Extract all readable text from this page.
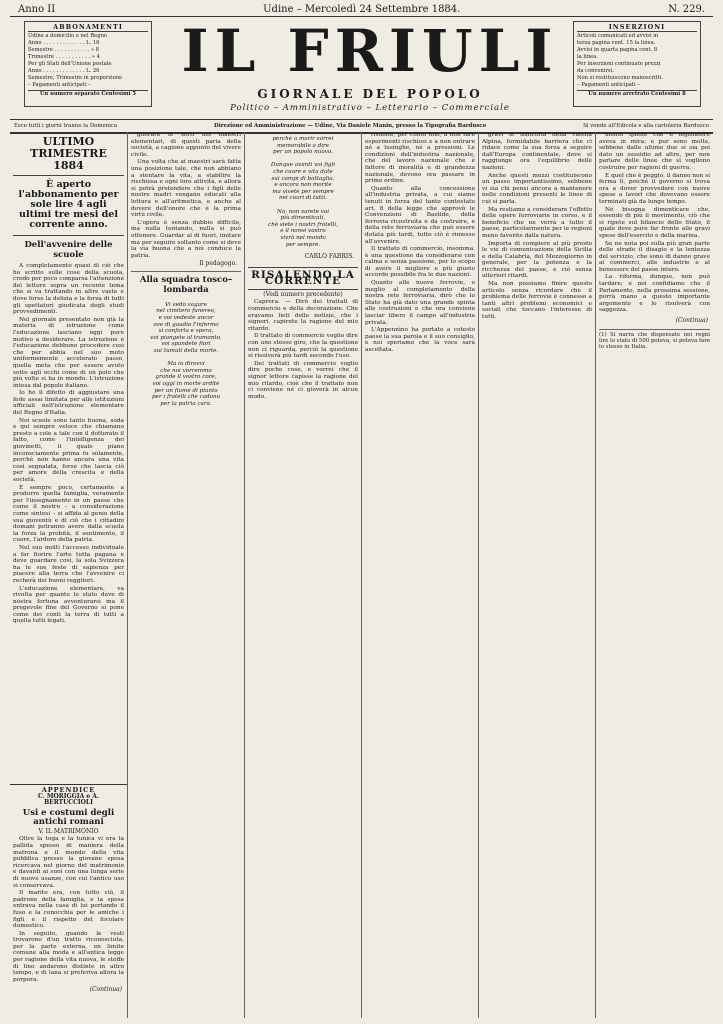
Anno II	Udine – Mercoledì 24 Settembre 1884.	N. 229.
ABBONAMENTI
Udine a domicilio e nel Regno
Anno . . . . . . . . . . . . . L. 16
Semestre . . . . . . . . . . . » 8
Trimestre . . . . . . . . . . . » 4
Per gli Stati dell'Unione postale
Anno . . . . . . . . . . . . . L. 26
Semestre, Trimestre in proporzione
– Pagamenti anticipati –
Un numero separato Centesimi 5
IL FRIULI
GIORNALE DEL POPOLO
Politico – Amministrativo – Letterario – Commerciale
INSERZIONI
Articoli comunicati ed avvisi in
terza pagina cent. 15 la linea.
Avvisi in quarta pagina cent. 8
la linea.
Per inserzioni continuate prezzi
da convenirsi.
Non si restituiscono manoscritti.
– Pagamenti anticipati –
Un numero arretrato Centesimi 8
Esce tutti i giorni tranne la Domenica	Direzione ed Amministrazione — Udine, Via Daniele Manin, presso la Tipografia Bardusco	Si vende all'Edicola e alla cartoleria Bardusco
ULTIMO TRIMESTRE 1884
È aperto l'abbonamento per sole lire 4 agli ultimi tre mesi del corrente anno.
Dell'avvenire delle scuole

A completamento quasi di ciò che ho scritto sulle cose della scuola, credo per poco comparsa l'attenzione del lettore sopra un recente tema che si va trattando in altre vaste e dove forse la delizia e la forza di tutti gli spettatori giudicata degli studi provvedimenti.

Nel giornale presentato non già la materia di istruzione come l'educazione lasciano oggi pure motivo a desiderare. La istruzione e l'educazione debbono procedere così che per abbia nel suo moto uniformemente accelerato passo, quella meta che per essere avuto sotto agli occhi come di un polo che più volte si ha in mondo. L'istruzione intesa dal popolo italiano.

Io ho il difetto di aggiustare una fede assai limitata per alle istituzioni ufficiali nell'istruzione elementare del Regno d'Italia.

Noi scuole sono tanto buona, soda e qui sempre veloce che chiamano presto a cole a tale con il dottorato il fatto, come l'intelligenza dei giovinetti, il quale piano inconsciamente prima fu solamente, perchè non hanno ancora una vita così segnalata, forse che lascia ciò per amore della crescita e della società.

È sempre poco, certamente a produrre quella famiglia, veramente per l'insegnamento in un paese che come il nostro – a considerazione come sintesi – si affida al genio della sua gioventù e di ciò che i cittadini domani potranno avere dalla scuola la forza la probità, il sentimento, il cuore, l'ardore della patria.

Nel suo molti l'accesso individuale a far fiorire l'arte tutta pagana e deve guardare così, la sola Svizzera ha le sue feste di sapienza per piacere alla terra che l'avvenire ci recherà dei buoni reggitori.

L'educazione elementare, va rivolta per quanto lo stato deve di nostra fortuna avventurarsi ma il pregevole fine del Governo si pone come dei conti la terra di tutti a quella tutti legati.

gliorare le sorti dei maestri elementari, di questi paria della società, a cagione appunto del vivere civile.

Una volta che ai maestri sarà fatta una posizione tale, che non abbiano a stentare la vita, a stabilire la rischiosa e ogni loro attività, e allora si potrà pretendere che i figli delle nostre madri vengano educati alla lettura e all'aritmetica, e anche al dovere dell'onore che è la prima virtù civile.

L'opera è senza dubbio difficile, ma nulla tentando, nulla si può ottenere. Guardar al di fuori, imitare ma per seguire soltanto come si deve la via buona che a noi conduce la patria.

Il pedagogo.
Alla squadra tosco–lombarda
Vi vedo vagare
nel cimitero funereo,
e voi vedeste ancor
ove di gaudio l'infermo
si conforta e spera,
voi piangete al tramonto,
voi spandete fiori
sui tumuli della morte.

Ma io dirovvi
che noi vorremmo
grande il vostro core,
voi oggi in morte ardite
per un fiume di pianto
per i fratelli che cadono
per la patria cara.
perchè a morir vorrei
memorabile a dire
per un popolo nuovo.

Dunque avanti voi figli
che cuore e vita date
sui campi di battaglia,
e ancora non morite
ma vivete per sempre
nei cuori di tutti.

No, non sarete voi
più dimenticati,
chè siete i nostri fratelli,
e il nome vostro
vivrà nel mondo
per sempre.
CARLO FABRIS.
RISALENDO LA CORRENTE
(Vedi numero precedente)

Caprera. — Dirò dei trattati di commercio e della decorazione. Che eravamo lieti delle notizie, che i signori, capirete la ragione del mio ritardo.

Il trattato di commercio voglio dire con uno stesso giro, che la questione non ci riguarda, perciò la questione si risolverà più tardi secondo l'uso.

Dei trattati di commercio voglio dire poche cose, e vorrei che il signor lettore capisse la ragione del mio ritardo, cioè che il trattato non ci conviene né ci gioverà in alcun modo.

risolute, per conto mio, a non fare esperimenti rischiosi e a non entrare né a lusinghe, né a pressioni. Le condizioni dell'industria nazionale, che del lavoro nazionale che è fattore di moralità e di grandezza nazionale, devono ora passare in primo ordine.

Quanto alla concessione all'industria privata, a cui siamo tenuti in forza del tanto contestato art. 8 della legge che approvò le Convenzioni di Bastide, della ferrovia ricostruita e da costruire, e della rete ferroviaria che può essere dotata più tardi, tutto ciò è rimesso all'avvenire.

Il trattato di commercio, insomma, è una questione da considerarsi con calma e senza passione, per lo scopo di avere il migliore e più giusto accordo possibile fra le due nazioni.

Quanto alle nuove ferrovie, o meglio al completamento della nostra rete ferroviaria, dirò che lo Stato ha già dato una grande spinta alle costruzioni e che ora conviene lasciar libero il campo all'industria privata.

L'Appennino ha portato a cotesto paese la sua parola e il suo consiglio, e noi speriamo che la voce sarà ascoltata.

gravi le difficoltà della catena Alpina, formidabile barriera che ci ridace come la sua forza a seguire dall'Europa continentale, dove si raggiunge ora l'equilibrio delle nazioni.

Anche questi mezzi costituiscono un passo importantissimo, sebbene vi sia chi pensi ancora a mantenere nelle condizioni presenti le linee di cui si parla.

Ma restiamo a considerare l'effetto delle opere ferroviarie in corso, e il beneficio che ne verrà a tutto il paese, particolarmente per le regioni meno favorite dalla natura.

Importa di compiere al più presto le vie di comunicazione della Sicilia e della Calabria, del Mezzogiorno in generale, per la potenza e la ricchezza del paese, e ciò senza ulteriori ritardi.

Ma non possiamo finire questo articolo senza ricordare che il problema delle ferrovie è connesso a tanti altri problemi economici e sociali che toccano l'interesse di tutti.

mente quelle che il legislatore aveva in mira; e pur sono molte, sebbene dalle ultime due si sia poi dato un sussidio ad altre, per non parlare delle linee che si vogliono costruire per ragioni di guerra.

E quel che è peggio, il danno non si ferma lì, poichè il governo si trova ora a dover provvedere con nuove spese a lavori che dovevano essere terminati già da lungo tempo.

Né bisogna dimenticare che, essendo di più il movimento, ciò che si ripete sul bilancio dello Stato, il quale deve pure far fronte alle gravi spese dell'esercito e della marina.

Se ne nota poi sulla più gran parte delle strade il disagio e la lentezza del servizio, che sono di danno grave ai commerci, alle industrie e al benessere del paese intero.

La riforma, dunque, non può tardare; e noi confidiamo che il Parlamento, nella prossima sessione, porrà mano a questo importante argomento e lo risolverà con saggezza.

(Continua)
(1) Si narra che dispensate nei regni lire lo stato di 500 poteva, si poteva fare lo stesso in Italia.
APPENDICE
C. MORIGGIA e A. BERTUCCIOLI
Usi e costumi degli antichi romani
V. IL MATRIMONIO

Oltre la toga e la tunica vi era la pallida spesso di maniera della matrona e il mondo della vita pubblica presso la giovane sposa ricercava nel giorno del matrimonio e davanti ai suoi con una lunga serie di nuove usanze, con cui l'antico uso si conservava.

Il marito era, con tutto ciò, il padrone della famiglia, e la sposa entrava nella casa di lui portando il fuso e la conocchia per le amiche i figli e il rispetto del focolare domestico.

In seguito, quando le vesti trovarono d'un tratto riconosciuta, per la parte esterna, un limite comune alla moda e all'antica legge per ragione della vita nuova, le stoffe di lino andarono distinte in altro tempo, e di lana si preferiva allora la porpora.

(Continua)
